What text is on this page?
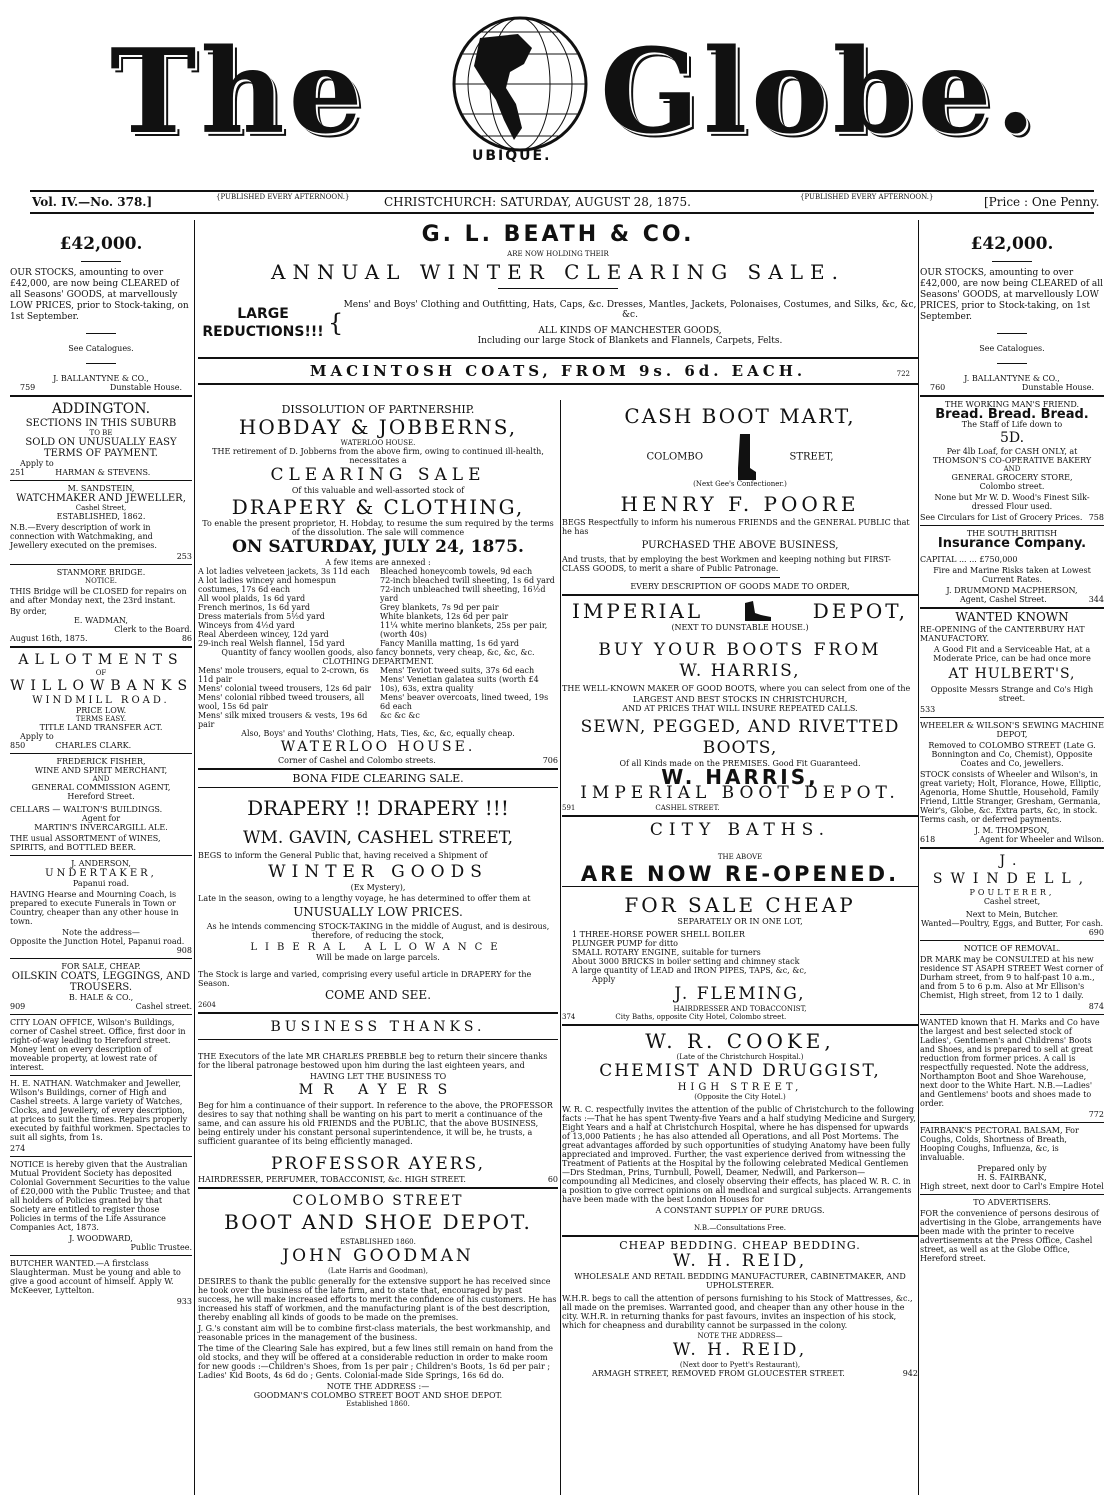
The	UBIQUE. Globe.
Vol. IV.—No. 378.]	{PUBLISHED EVERY AFTERNOON.}	CHRISTCHURCH: SATURDAY, AUGUST 28, 1875.	{PUBLISHED EVERY AFTERNOON.}	[Price : One Penny.
£42,000.

OUR STOCKS, amounting to over £42,000, are now being CLEARED of all Seasons' GOODS, at marvellously LOW PRICES, prior to Stock-taking, on 1st September.

See Catalogues.
J. BALLANTYNE & CO.,
759	Dunstable House.
ADDINGTON.
SECTIONS IN THIS SUBURB
TO BE
SOLD ON UNUSUALLY EASY TERMS OF PAYMENT.
Apply to
251	HARMAN & STEVENS.
M. SANDSTEIN,
WATCHMAKER AND JEWELLER,
Cashel Street,
ESTABLISHED, 1862.

N.B.—Every description of work in connection with Watchmaking, and Jewellery executed on the premises.

253
STANMORE BRIDGE.
NOTICE.

THIS Bridge will be CLOSED for repairs on and after Monday next, the 23rd instant.

By order,
E. WADMAN,
Clerk to the Board.
August 16th, 1875.	86
ALLOTMENTS
OF
WILLOWBANKS
WINDMILL ROAD.
PRICE LOW.
TERMS EASY.
TITLE LAND TRANSFER ACT.
Apply to
850	CHARLES CLARK.
FREDERICK FISHER,
WINE AND SPIRIT MERCHANT,
AND
GENERAL COMMISSION AGENT,
Hereford Street.
CELLARS — WALTON'S BUILDINGS.
Agent for
MARTIN'S INVERCARGILL ALE.

THE usual ASSORTMENT of WINES, SPIRITS, and BOTTLED BEER.

J. ANDERSON,
UNDERTAKER,
Papanui road.

HAVING Hearse and Mourning Coach, is prepared to execute Funerals in Town or Country, cheaper than any other house in town.

Note the address—
Opposite the Junction Hotel, Papanui road.
908
FOR SALE, CHEAP.
OILSKIN COATS, LEGGINGS, AND TROUSERS.
B. HALE & CO.,
909	Cashel street.

CITY LOAN OFFICE, Wilson's Buildings, corner of Cashel street. Office, first door in right-of-way leading to Hereford street. Money lent on every description of moveable property, at lowest rate of interest.

H. E. NATHAN. Watchmaker and Jeweller, Wilson's Buildings, corner of High and Cashel streets. A large variety of Watches, Clocks, and Jewellery, of every description, at prices to suit the times. Repairs properly executed by faithful workmen. Spectacles to suit all sights, from 1s.

274

NOTICE is hereby given that the Australian Mutual Provident Society has deposited Colonial Government Securities to the value of £20,000 with the Public Trustee; and that all holders of Policies granted by that Society are entitled to register those Policies in terms of the Life Assurance Companies Act, 1873.

J. WOODWARD,
Public Trustee.

BUTCHER WANTED.—A firstclass Slaughterman. Must be young and able to give a good account of himself. Apply W. McKeever, Lyttelton.

933
G. L. BEATH & CO.
ARE NOW HOLDING THEIR
ANNUAL WINTER CLEARING SALE.
LARGE REDUCTIONS!!! {
Mens' and Boys' Clothing and Outfitting, Hats, Caps, &c. Dresses, Mantles, Jackets, Polonaises, Costumes, and Silks, &c, &c, &c.
ALL KINDS OF MANCHESTER GOODS,
Including our large Stock of Blankets and Flannels, Carpets, Felts.
MACINTOSH COATS, FROM 9s. 6d. EACH.	722
DISSOLUTION OF PARTNERSHIP.
HOBDAY & JOBBERNS,
WATERLOO HOUSE.
THE retirement of D. Jobberns from the above firm, owing to continued ill-health, necessitates a
CLEARING SALE
Of this valuable and well-assorted stock of
DRAPERY & CLOTHING,
To enable the present proprietor, H. Hobday, to resume the sum required by the terms of the dissolution. The sale will commence
ON SATURDAY, JULY 24, 1875.
A few items are annexed :
A lot ladies velveteen jackets, 3s 11d each
A lot ladies wincey and homespun costumes, 17s 6d each
All wool plaids, 1s 6d yard
French merinos, 1s 6d yard
Dress materials from 5½d yard
Winceys from 4½d yard
Real Aberdeen wincey, 12d yard
29-inch real Welsh flannel, 15d yard
Bleached honeycomb towels, 9d each
72-inch bleached twill sheeting, 1s 6d yard
72-inch unbleached twill sheeting, 16½d yard
Grey blankets, 7s 9d per pair
White blankets, 12s 6d per pair
11¼ white merino blankets, 25s per pair, (worth 40s)
Fancy Manilla matting, 1s 6d yard
Quantity of fancy woollen goods, also fancy bonnets, very cheap, &c, &c, &c.
CLOTHING DEPARTMENT.
Mens' mole trousers, equal to 2-crown, 6s 11d pair
Mens' colonial tweed trousers, 12s 6d pair
Mens' colonial ribbed tweed trousers, all wool, 15s 6d pair
Mens' silk mixed trousers & vests, 19s 6d pair
Mens' Teviot tweed suits, 37s 6d each
Mens' Venetian galatea suits (worth £4 10s), 63s, extra quality
Mens' beaver overcoats, lined tweed, 19s 6d each
&c &c &c
Also, Boys' and Youths' Clothing, Hats, Ties, &c, &c, equally cheap.
WATERLOO HOUSE.
Corner of Cashel and Colombo streets.	706
BONA FIDE CLEARING SALE.
DRAPERY !! DRAPERY !!!
WM. GAVIN, CASHEL STREET,

BEGS to inform the General Public that, having received a Shipment of

WINTER GOODS
(Ex Mystery),

Late in the season, owing to a lengthy voyage, he has determined to offer them at

UNUSUALLY LOW PRICES.

As he intends commencing STOCK-TAKING in the middle of August, and is desirous, therefore, of reducing the stock,

LIBERAL ALLOWANCE
Will be made on large parcels.

The Stock is large and varied, comprising every useful article in DRAPERY for the Season.

COME AND SEE.
2604
BUSINESS THANKS.

THE Executors of the late MR CHARLES PREBBLE beg to return their sincere thanks for the liberal patronage bestowed upon him during the last eighteen years, and

HAVING LET THE BUSINESS TO
MR AYERS

Beg for him a continuance of their support. In reference to the above, the PROFESSOR desires to say that nothing shall be wanting on his part to merit a continuance of the same, and can assure his old FRIENDS and the PUBLIC, that the above BUSINESS, being entirely under his constant personal superintendence, it will be, he trusts, a sufficient guarantee of its being efficiently managed.

PROFESSOR AYERS,
HAIRDRESSER, PERFUMER, TOBACCONIST, &c. HIGH STREET.	60
COLOMBO STREET
BOOT AND SHOE DEPOT.
ESTABLISHED 1860.
JOHN GOODMAN
(Late Harris and Goodman),

DESIRES to thank the public generally for the extensive support he has received since he took over the business of the late firm, and to state that, encouraged by past success, he will make increased efforts to merit the confidence of his customers. He has increased his staff of workmen, and the manufacturing plant is of the best description, thereby enabling all kinds of goods to be made on the premises.

J. G.'s constant aim will be to combine first-class materials, the best workmanship, and reasonable prices in the management of the business.

The time of the Clearing Sale has expired, but a few lines still remain on hand from the old stocks, and they will be offered at a considerable reduction in order to make room for new goods :—Children's Shoes, from 1s per pair ; Children's Boots, 1s 6d per pair ; Ladies' Kid Boots, 4s 6d do ; Gents. Colonial-made Side Springs, 16s 6d do.

NOTE THE ADDRESS :—
GOODMAN'S COLOMBO STREET BOOT AND SHOE DEPOT.
Established 1860.
CASH BOOT MART,
COLOMBO	STREET,
(Next Gee's Confectioner.)
HENRY F. POORE

BEGS Respectfully to inform his numerous FRIENDS and the GENERAL PUBLIC that he has

PURCHASED THE ABOVE BUSINESS,

And trusts, that by employing the best Workmen and keeping nothing but FIRST-CLASS GOODS, to merit a share of Public Patronage.

EVERY DESCRIPTION OF GOODS MADE TO ORDER,
IMPERIAL	DEPOT,
(NEXT TO DUNSTABLE HOUSE.)
BUY YOUR BOOTS FROM
W. HARRIS,

THE WELL-KNOWN MAKER OF GOOD BOOTS, where you can select from one of the

LARGEST AND BEST STOCKS IN CHRISTCHURCH,
AND AT PRICES THAT WILL INSURE REPEATED CALLS.
SEWN, PEGGED, AND RIVETTED BOOTS,
Of all Kinds made on the PREMISES. Good Fit Guaranteed.
W. HARRIS,
IMPERIAL BOOT DEPOT.
591	CASHEL STREET.
CITY BATHS.
THE ABOVE
ARE NOW RE-OPENED.
FOR SALE CHEAP
SEPARATELY OR IN ONE LOT,
1 THREE-HORSE POWER SHELL BOILER
PLUNGER PUMP for ditto
SMALL ROTARY ENGINE, suitable for turners
About 3000 BRICKS in boiler setting and chimney stack
A large quantity of LEAD and IRON PIPES, TAPS, &c, &c,
Apply
J. FLEMING,
HAIRDRESSER AND TOBACCONIST,
374	City Baths, opposite City Hotel, Colombo street.
W. R. COOKE,
(Late of the Christchurch Hospital.)
CHEMIST AND DRUGGIST,
HIGH STREET,
(Opposite the City Hotel.)

W. R. C. respectfully invites the attention of the public of Christchurch to the following facts :—That he has spent Twenty-five Years and a half studying Medicine and Surgery, Eight Years and a half at Christchurch Hospital, where he has dispensed for upwards of 13,000 Patients ; he has also attended all Operations, and all Post Mortems. The great advantages afforded by such opportunities of studying Anatomy have been fully appreciated and improved. Further, the vast experience derived from witnessing the Treatment of Patients at the Hospital by the following celebrated Medical Gentlemen —Drs Stedman, Prins, Turnbull, Powell, Deamer, Nedwill, and Parkerson—compounding all Medicines, and closely observing their effects, has placed W. R. C. in a position to give correct opinions on all medical and surgical subjects. Arrangements have been made with the best London Houses for

A CONSTANT SUPPLY OF PURE DRUGS.
N.B.—Consultations Free.
CHEAP BEDDING. CHEAP BEDDING.
W. H. REID,
WHOLESALE AND RETAIL BEDDING MANUFACTURER, CABINETMAKER, AND UPHOLSTERER.

W.H.R. begs to call the attention of persons furnishing to his Stock of Mattresses, &c., all made on the premises. Warranted good, and cheaper than any other house in the city. W.H.R. in returning thanks for past favours, invites an inspection of his stock, which for cheapness and durability cannot be surpassed in the colony.

NOTE THE ADDRESS—
W. H. REID,
(Next door to Pyett's Restaurant),
ARMAGH STREET, REMOVED FROM GLOUCESTER STREET.	942
£42,000.

OUR STOCKS, amounting to over £42,000, are now being CLEARED of all Seasons' GOODS, at marvellously LOW PRICES, prior to Stock-taking, on 1st September.

See Catalogues.
J. BALLANTYNE & CO.,
760	Dunstable House.
THE WORKING MAN'S FRIEND.
Bread. Bread. Bread.
The Staff of Life down to
5D.
Per 4lb Loaf, for CASH ONLY, at
THOMSON'S CO-OPERATIVE BAKERY
AND
GENERAL GROCERY STORE,
Colombo street.

None but Mr W. D. Wood's Finest Silk-dressed Flour used.

See Circulars for List of Grocery Prices. 758
THE SOUTH BRITISH
Insurance Company.
CAPITAL ... ... £750,000

Fire and Marine Risks taken at Lowest Current Rates.

J. DRUMMOND MACPHERSON,
Agent, Cashel Street.	344
WANTED KNOWN

RE-OPENING of the CANTERBURY HAT MANUFACTORY.

A Good Fit and a Serviceable Hat, at a Moderate Price, can be had once more

AT HULBERT'S,

Opposite Messrs Strange and Co's High street.

533
WHEELER & WILSON'S SEWING MACHINE DEPOT,

Removed to COLOMBO STREET (Late G. Bonnington and Co, Chemist), Opposite Coates and Co, jewellers.

STOCK consists of Wheeler and Wilson's, in great variety; Holt, Florance, Howe, Elliptic, Agenoria, Home Shuttle, Household, Family Friend, Little Stranger, Gresham, Germania, Weir's, Globe, &c. Extra parts, &c, in stock. Terms cash, or deferred payments.

J. M. THOMPSON,
618	Agent for Wheeler and Wilson.
J. SWINDELL,
POULTERER,
Cashel street,
Next to Mein, Butcher.
Wanted—Poultry, Eggs, and Butter, For cash.
690
NOTICE OF REMOVAL.

DR MARK may be CONSULTED at his new residence ST ASAPH STREET West corner of Durham street, from 9 to half-past 10 a.m., and from 5 to 6 p.m. Also at Mr Ellison's Chemist, High street, from 12 to 1 daily.

874

WANTED known that H. Marks and Co have the largest and best selected stock of Ladies', Gentlemen's and Childrens' Boots and Shoes, and is prepared to sell at great reduction from former prices. A call is respectfully requested. Note the address, Northampton Boot and Shoe Warehouse, next door to the White Hart. N.B.—Ladies' and Gentlemens' boots and shoes made to order.

772

FAIRBANK'S PECTORAL BALSAM, For Coughs, Colds, Shortness of Breath, Hooping Coughs, Influenza, &c, is invaluable.

Prepared only by
H. S. FAIRBANK,
High street, next door to Carl's Empire Hotel
TO ADVERTISERS.

FOR the convenience of persons desirous of advertising in the Globe, arrangements have been made with the printer to receive advertisements at the Press Office, Cashel street, as well as at the Globe Office, Hereford street.
